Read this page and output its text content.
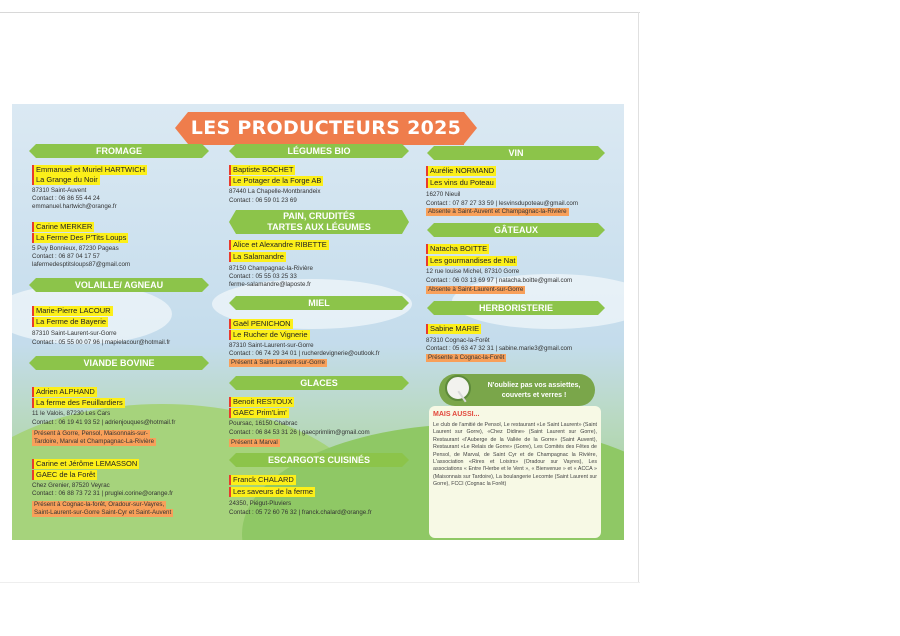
LES PRODUCTEURS 2025
FROMAGE
Emmanuel et Muriel HARTWICH
La Grange du Noir
87310 Saint-Auvent
Contact : 06 86 55 44 24
emmanuel.hartwich@orange.fr
Carine MERKER
La Ferme Des P'Tits Loups
5 Puy Bonnieux, 87230 Pageas
Contact : 06 87 04 17 57
lafermedesptitsloups87@gmail.com
VOLAILLE/ AGNEAU
Marie-Pierre LACOUR
La Ferme de Bayerie
87310 Saint-Laurent-sur-Gorre
Contact : 05 55 00 07 96 | mapielacour@hotmail.fr
VIANDE BOVINE
Adrien ALPHAND
La ferme des Feuillardiers
11 le Valois, 87230 Les Cars
Contact : 06 19 41 93 52 | adrienjouques@hotmail.fr
Présent à Gorre, Pensol, Maisonnais-sur-
Tardoire, Marval et Champagnac-La-Rivière
Carine et Jérôme LEMASSON
GAEC de la Forêt
Chez Grenier, 87520 Veyrac
Contact : 06 88 73 72 31 | pruglei.corine@orange.fr
Présent à Cognac-la-forêt, Oradour-sur-Vayres,
Saint-Laurent-sur-Gorre Saint-Cyr et Saint-Auvent
LÉGUMES BIO
Baptiste BOCHET
Le Potager de la Forge AB
87440 La Chapelle-Montbrandeix
Contact : 06 59 01 23 69
PAIN, CRUDITÉS
TARTES AUX LÉGUMES
Alice et Alexandre RIBETTE
La Salamandre
87150 Champagnac-la-Rivière
Contact : 05 55 03 25 33
ferme-salamandre@laposte.fr
MIEL
Gaël PENICHON
Le Rucher de Vignerie
87310 Saint-Laurent-sur-Gorre
Contact : 06 74 29 34 01 | rucherdevignerie@outlook.fr
Présent à Saint-Laurent-sur-Gorre
GLACES
Benoit RESTOUX
GAEC Prim'Lim'
Poursac, 16150 Chabrac
Contact : 06 84 53 31 26 | gaecprimlim@gmail.com
Présent à Marval
ESCARGOTS CUISINÉS
Franck CHALARD
Les saveurs de la ferme
24350, Piégut-Pluviers
Contact : 05 72 60 76 32 | franck.chalard@orange.fr
VIN
Aurélie NORMAND
Les vins du Poteau
16270 Nieuil
Contact : 07 87 27 33 59 | lesvinsdupoteau@gmail.com
Absente à Saint-Auvent et Champagnac-la-Rivière
GÂTEAUX
Natacha BOITTE
Les gourmandises de Nat
12 rue louise Michel, 87310 Gorre
Contact : 06 03 13 69 97 | natacha.boitte@gmail.com
Absente à Saint-Laurent-sur-Gorre
HERBORISTERIE
Sabine MARIE
87310 Cognac-la-Forêt
Contact : 05 63 47 32 31 | sabine.marie3@gmail.com
Présente à Cognac-la-Forêt
N'oubliez pas vos assiettes, couverts et verres !
MAIS AUSSI...
Le club de l'amitié de Pensol, Le restaurant «Le Saint Laurent» (Saint Laurent sur Gorre), «Chez Didine» (Saint Laurent sur Gorre), Restaurant «l'Auberge de la Vallée de la Gorre» (Saint Auvent), Restaurant «Le Relais de Gorre» (Gorre), Les Comités des Fêtes de Pensol, de Marval, de Saint Cyr et de Champagnac la Rivière, L'association «Rires et Loisirs» (Oradour sur Vayres), Les associations « Entre l'Herbe et le Vent », « Bienvenue » et « ACCA » (Maisonnais sur Tardoire), La boulangerie Lecomte (Saint Laurent sur Gorre), FCCI (Cognac la Forêt)
